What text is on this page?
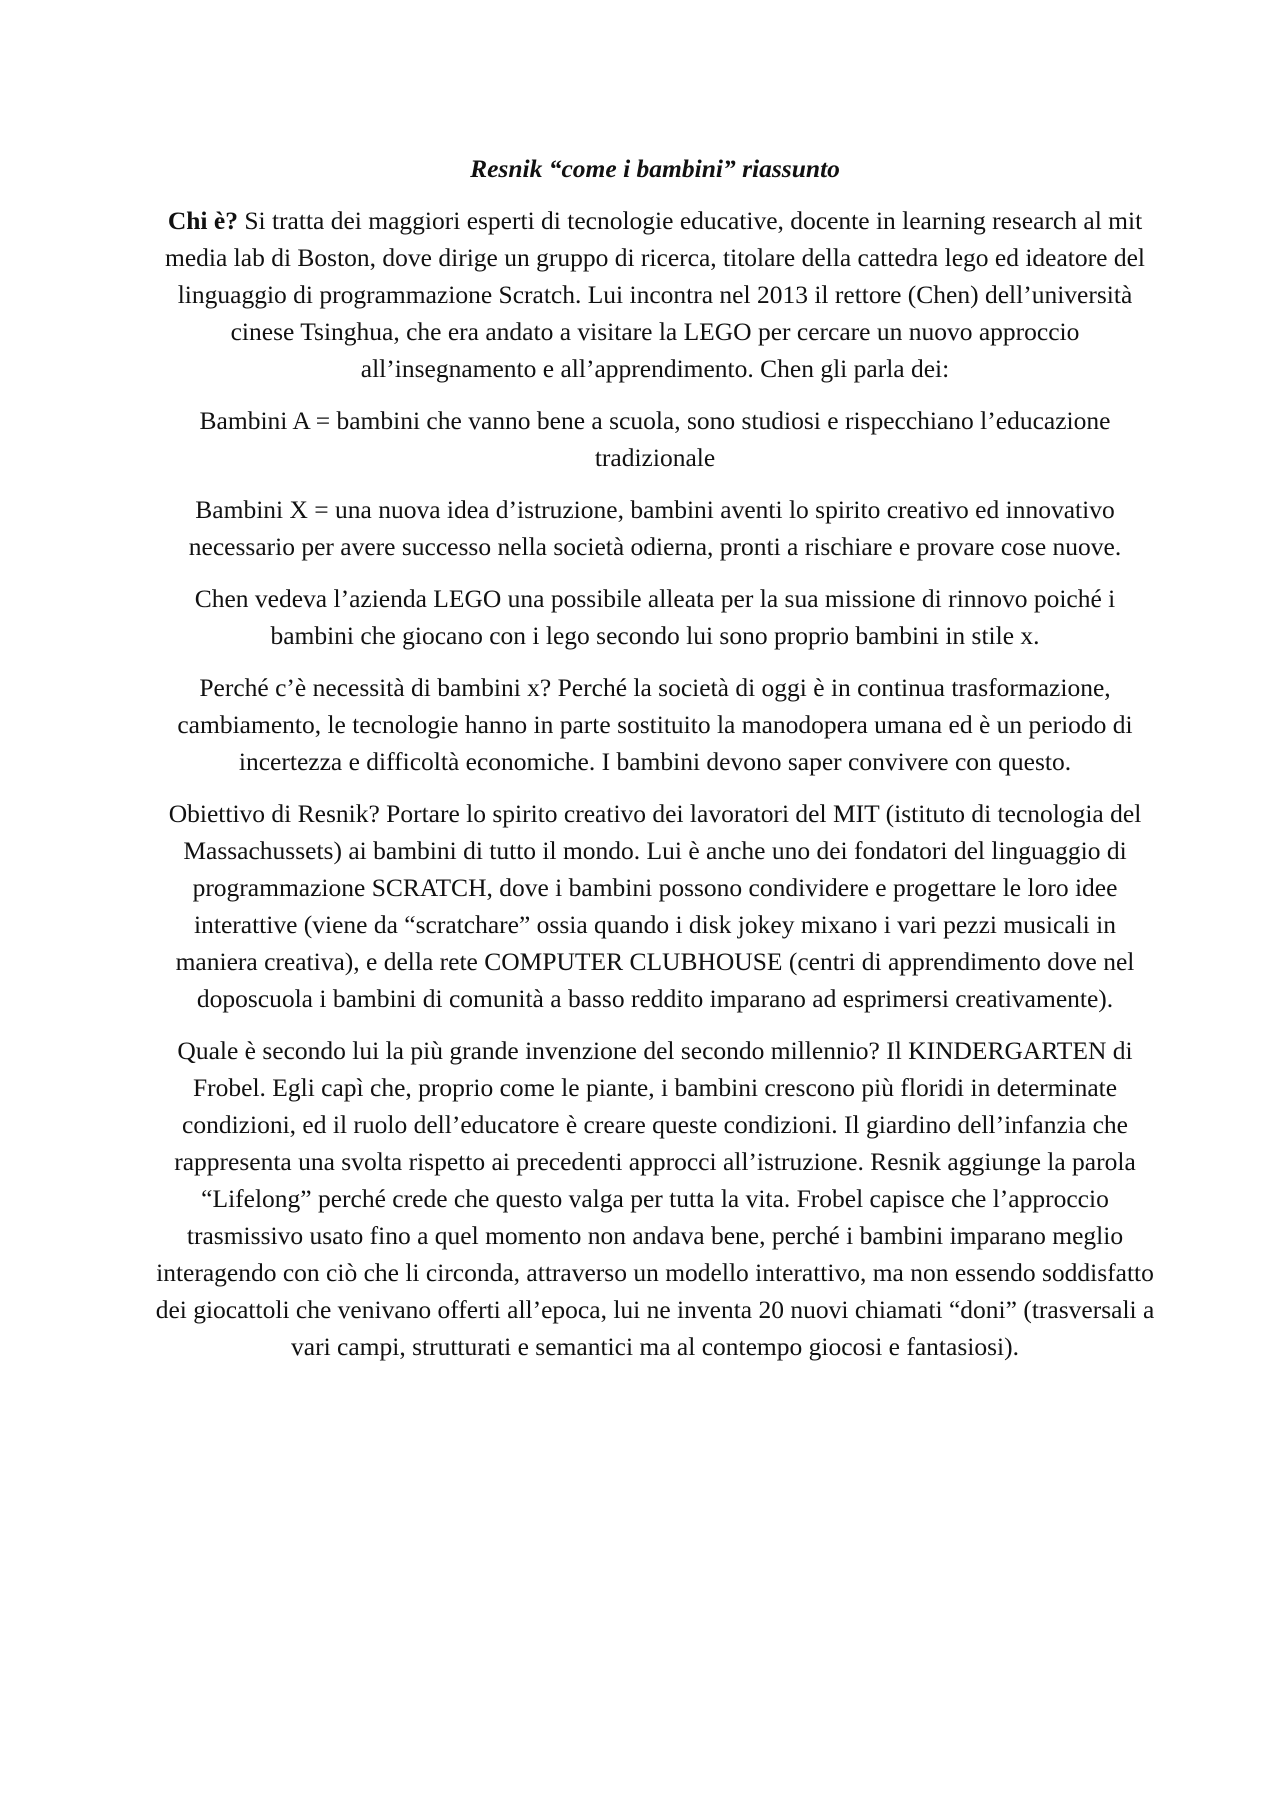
Resnik “come i bambini” riassunto

Chi è? Si tratta dei maggiori esperti di tecnologie educative, docente in learning research al mit media lab di Boston, dove dirige un gruppo di ricerca, titolare della cattedra lego ed ideatore del linguaggio di programmazione Scratch. Lui incontra nel 2013 il rettore (Chen) dell’università cinese Tsinghua, che era andato a visitare la LEGO per cercare un nuovo approccio all’insegnamento e all’apprendimento. Chen gli parla dei:

Bambini A = bambini che vanno bene a scuola, sono studiosi e rispecchiano l’educazione tradizionale

Bambini X = una nuova idea d’istruzione, bambini aventi lo spirito creativo ed innovativo necessario per avere successo nella società odierna, pronti a rischiare e provare cose nuove.

Chen vedeva l’azienda LEGO una possibile alleata per la sua missione di rinnovo poiché i bambini che giocano con i lego secondo lui sono proprio bambini in stile x.

Perché c’è necessità di bambini x? Perché la società di oggi è in continua trasformazione, cambiamento, le tecnologie hanno in parte sostituito la manodopera umana ed è un periodo di incertezza e difficoltà economiche. I bambini devono saper convivere con questo.

Obiettivo di Resnik? Portare lo spirito creativo dei lavoratori del MIT (istituto di tecnologia del Massachussets) ai bambini di tutto il mondo. Lui è anche uno dei fondatori del linguaggio di programmazione SCRATCH, dove i bambini possono condividere e progettare le loro idee interattive (viene da “scratchare” ossia quando i disk jokey mixano i vari pezzi musicali in maniera creativa), e della rete COMPUTER CLUBHOUSE (centri di apprendimento dove nel doposcuola i bambini di comunità a basso reddito imparano ad esprimersi creativamente).

Quale è secondo lui la più grande invenzione del secondo millennio? Il KINDERGARTEN di Frobel. Egli capì che, proprio come le piante, i bambini crescono più floridi in determinate condizioni, ed il ruolo dell’educatore è creare queste condizioni. Il giardino dell’infanzia che rappresenta una svolta rispetto ai precedenti approcci all’istruzione. Resnik aggiunge la parola “Lifelong” perché crede che questo valga per tutta la vita. Frobel capisce che l’approccio trasmissivo usato fino a quel momento non andava bene, perché i bambini imparano meglio interagendo con ciò che li circonda, attraverso un modello interattivo, ma non essendo soddisfatto dei giocattoli che venivano offerti all’epoca, lui ne inventa 20 nuovi chiamati “doni” (trasversali a vari campi, strutturati e semantici ma al contempo giocosi e fantasiosi).
